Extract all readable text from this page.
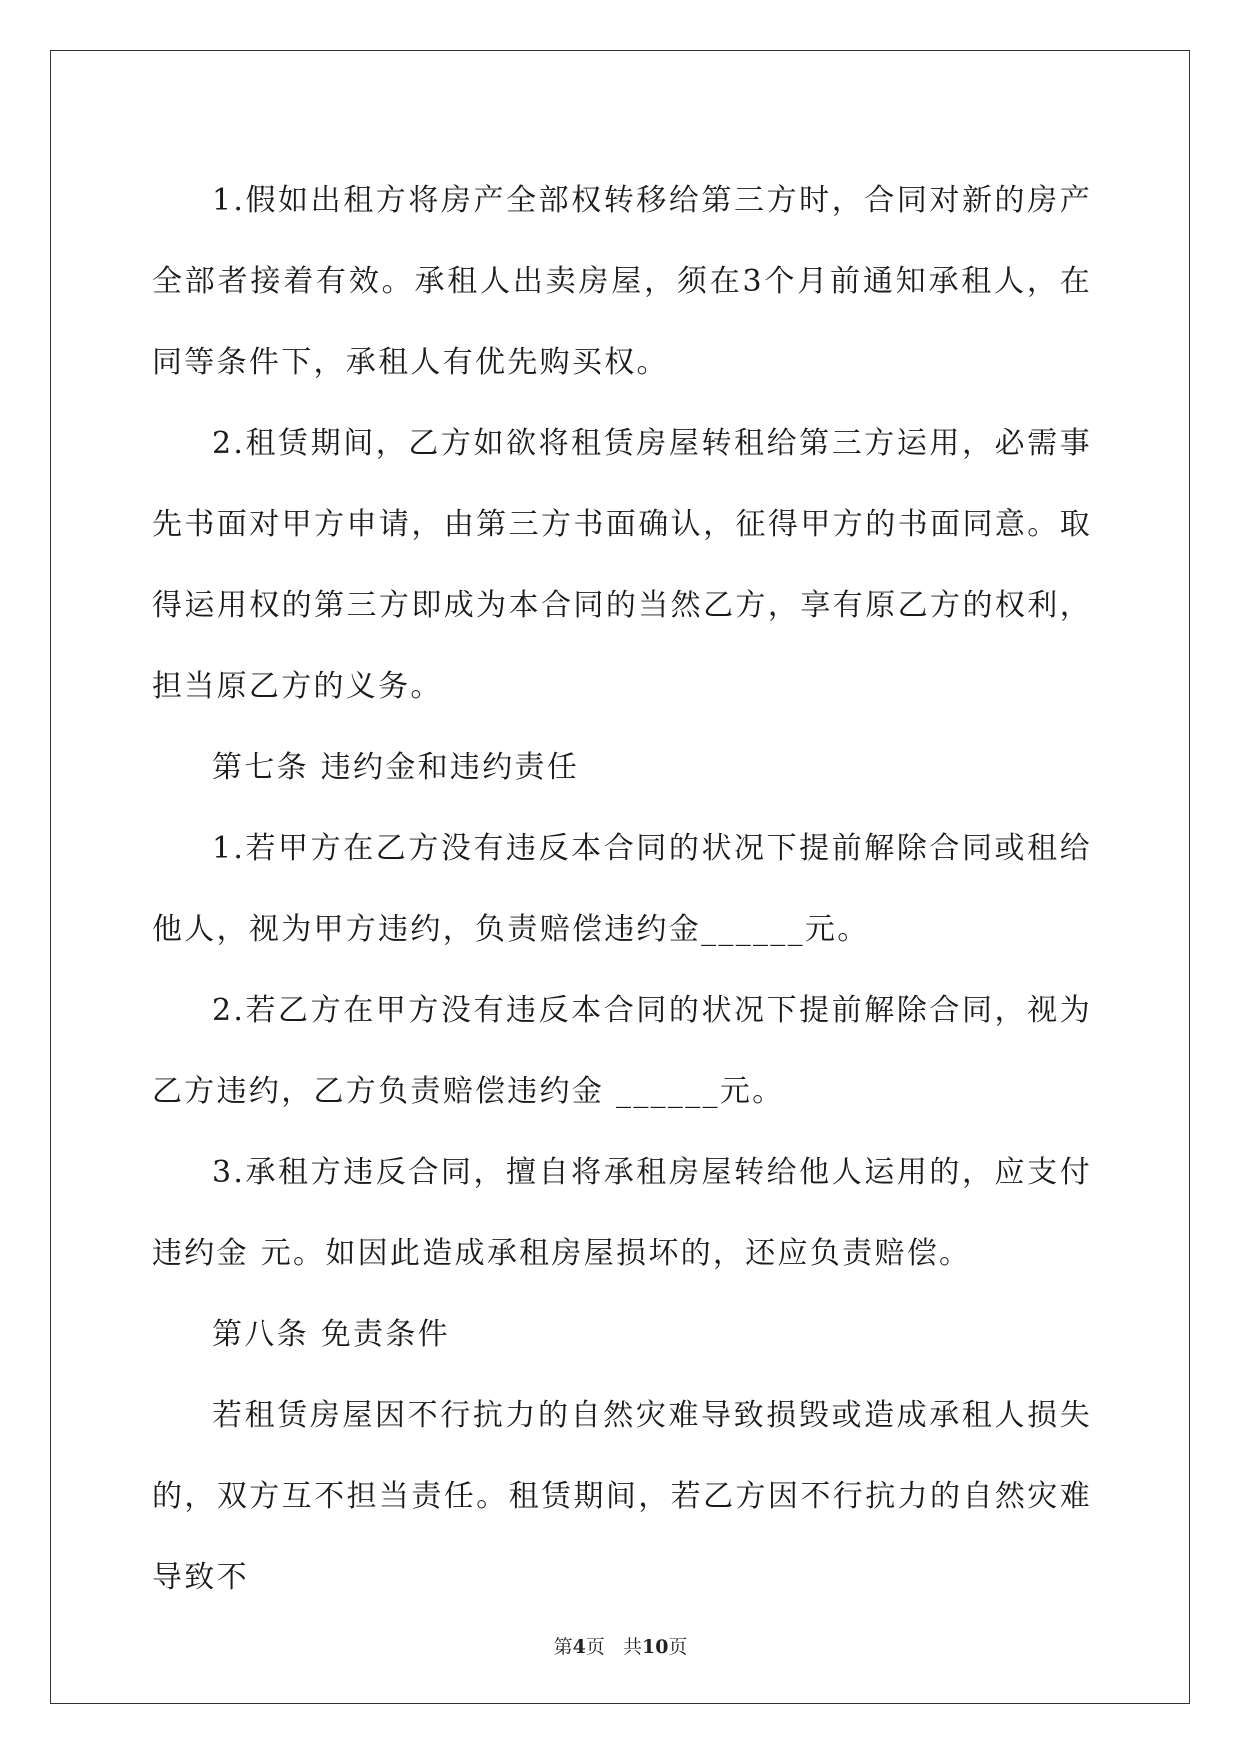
1.假如出租方将房产全部权转移给第三方时，合同对新的房产全部者接着有效。承租人出卖房屋，须在3个月前通知承租人，在同等条件下，承租人有优先购买权。

2.租赁期间，乙方如欲将租赁房屋转租给第三方运用，必需事先书面对甲方申请，由第三方书面确认，征得甲方的书面同意。取得运用权的第三方即成为本合同的当然乙方，享有原乙方的权利，担当原乙方的义务。

第七条 违约金和违约责任

1.若甲方在乙方没有违反本合同的状况下提前解除合同或租给他人，视为甲方违约，负责赔偿违约金______元。

2.若乙方在甲方没有违反本合同的状况下提前解除合同，视为乙方违约，乙方负责赔偿违约金 ______元。

3.承租方违反合同，擅自将承租房屋转给他人运用的，应支付违约金 元。如因此造成承租房屋损坏的，还应负责赔偿。

第八条 免责条件

若租赁房屋因不行抗力的自然灾难导致损毁或造成承租人损失的，双方互不担当责任。租赁期间，若乙方因不行抗力的自然灾难导致不

第4页 共10页
